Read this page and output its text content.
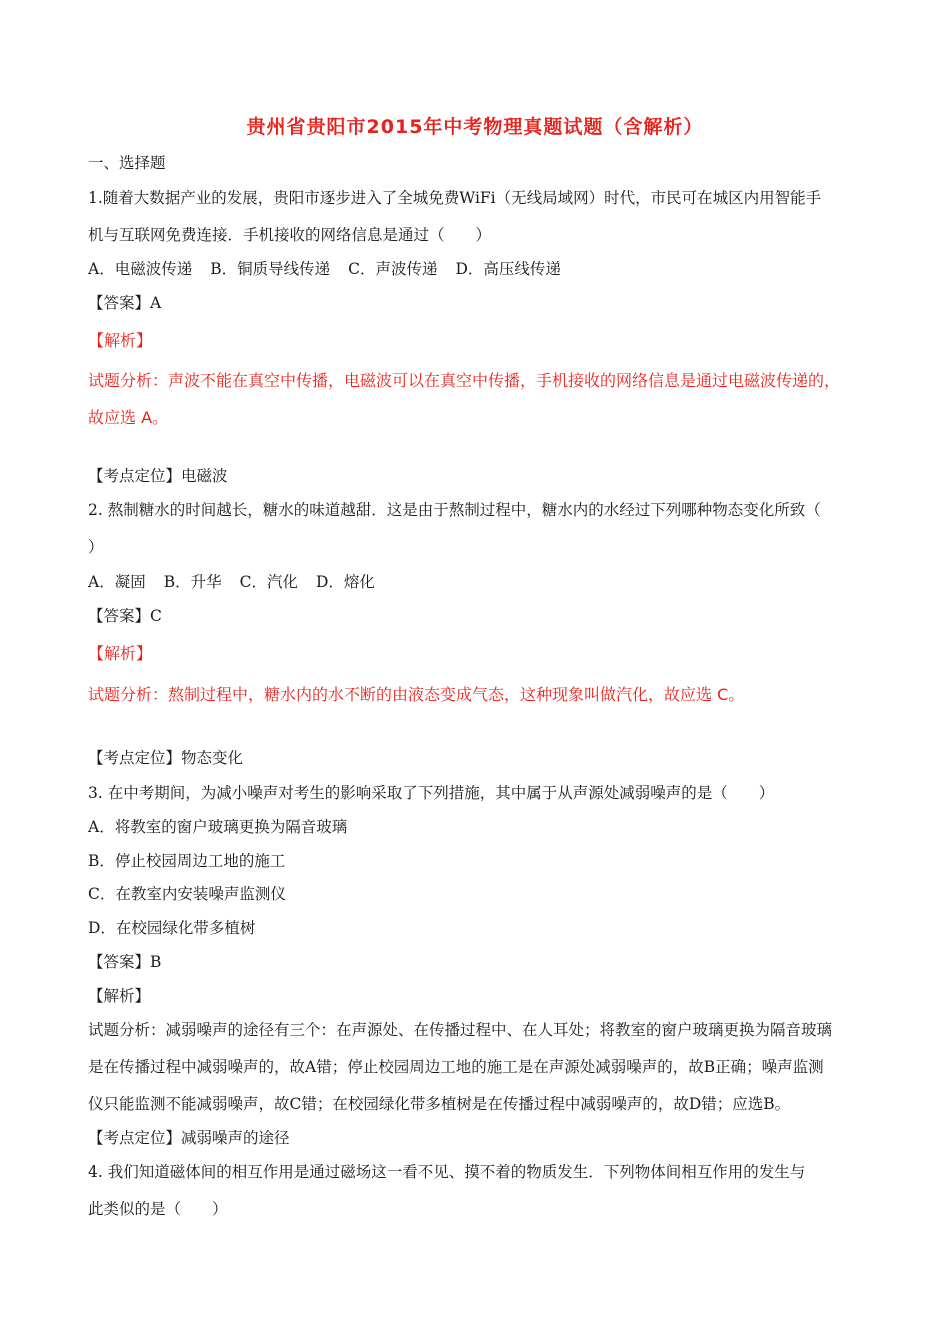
贵州省贵阳市2015年中考物理真题试题（含解析）
一、选择题
1.随着大数据产业的发展，贵阳市逐步进入了全城免费WiFi（无线局域网）时代，市民可在城区内用智能手
机与互联网免费连接．手机接收的网络信息是通过（　　）
A．电磁波传递 B．铜质导线传递 C．声波传递 D．高压线传递
【答案】A
【解析】
试题分析：声波不能在真空中传播，电磁波可以在真空中传播，手机接收的网络信息是通过电磁波传递的，
故应选 A。
【考点定位】电磁波
2. 熬制糖水的时间越长，糖水的味道越甜．这是由于熬制过程中，糖水内的水经过下列哪种物态变化所致（
）
A．凝固 B．升华 C．汽化 D．熔化
【答案】C
【解析】
试题分析：熬制过程中，糖水内的水不断的由液态变成气态，这种现象叫做汽化，故应选 C。
【考点定位】物态变化
3. 在中考期间，为减小噪声对考生的影响采取了下列措施，其中属于从声源处减弱噪声的是（　　）
A．将教室的窗户玻璃更换为隔音玻璃
B．停止校园周边工地的施工
C．在教室内安装噪声监测仪
D．在校园绿化带多植树
【答案】B
【解析】
试题分析：减弱噪声的途径有三个：在声源处、在传播过程中、在人耳处；将教室的窗户玻璃更换为隔音玻璃
是在传播过程中减弱噪声的，故A错；停止校园周边工地的施工是在声源处减弱噪声的，故B正确；噪声监测
仪只能监测不能减弱噪声，故C错；在校园绿化带多植树是在传播过程中减弱噪声的，故D错；应选B。
【考点定位】减弱噪声的途径
4. 我们知道磁体间的相互作用是通过磁场这一看不见、摸不着的物质发生．下列物体间相互作用的发生与
此类似的是（　　）
